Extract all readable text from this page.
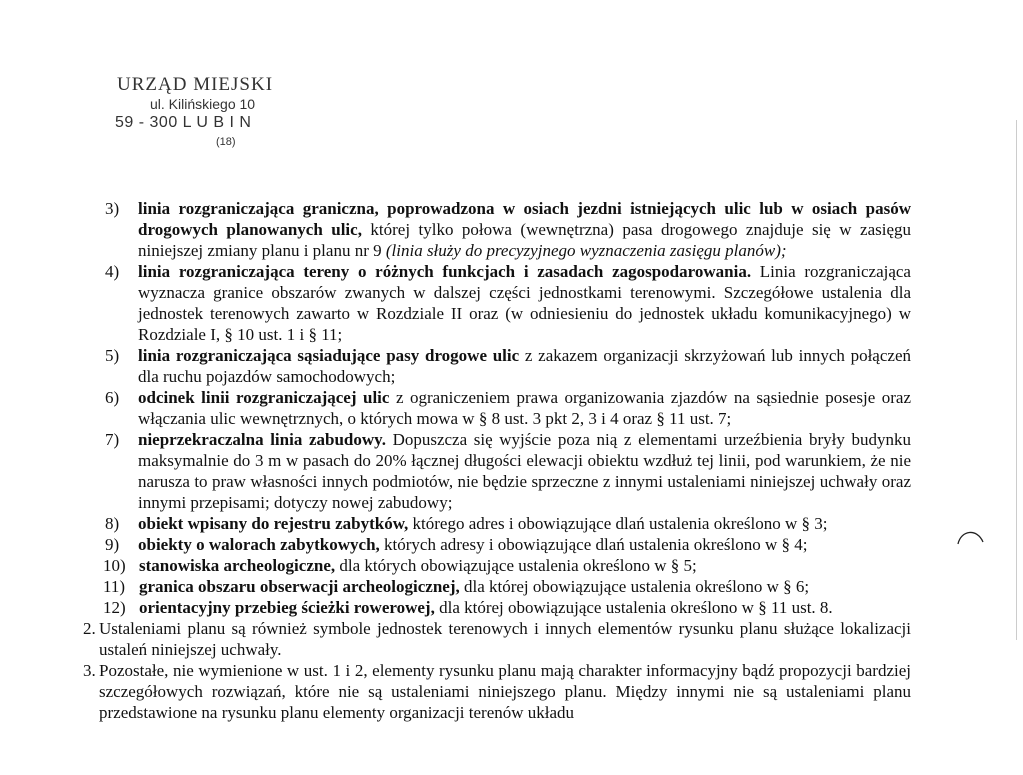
URZĄD MIEJSKI
ul. Kilińskiego 10
59 - 300 L U B I N
(18)
3) linia rozgraniczająca graniczna, poprowadzona w osiach jezdni istniejących ulic lub w osiach pasów drogowych planowanych ulic, której tylko połowa (wewnętrzna) pasa drogowego znajduje się w zasięgu niniejszej zmiany planu i planu nr 9 (linia służy do precyzyjnego wyznaczenia zasięgu planów);
4) linia rozgraniczająca tereny o różnych funkcjach i zasadach zagospodarowania. Linia rozgraniczająca wyznacza granice obszarów zwanych w dalszej części jednostkami terenowymi. Szczegółowe ustalenia dla jednostek terenowych zawarto w Rozdziale II oraz (w odniesieniu do jednostek układu komunikacyjnego) w Rozdziale I, § 10 ust. 1 i § 11;
5) linia rozgraniczająca sąsiadujące pasy drogowe ulic z zakazem organizacji skrzyżowań lub innych połączeń dla ruchu pojazdów samochodowych;
6) odcinek linii rozgraniczającej ulic z ograniczeniem prawa organizowania zjazdów na sąsiednie posesje oraz włączania ulic wewnętrznych, o których mowa w § 8 ust. 3 pkt 2, 3 i 4 oraz § 11 ust. 7;
7) nieprzekraczalna linia zabudowy. Dopuszcza się wyjście poza nią z elementami urzeźbienia bryły budynku maksymalnie do 3 m w pasach do 20% łącznej długości elewacji obiektu wzdłuż tej linii, pod warunkiem, że nie narusza to praw własności innych podmiotów, nie będzie sprzeczne z innymi ustaleniami niniejszej uchwały oraz innymi przepisami; dotyczy nowej zabudowy;
8) obiekt wpisany do rejestru zabytków, którego adres i obowiązujące dlań ustalenia określono w § 3;
9) obiekty o walorach zabytkowych, których adresy i obowiązujące dlań ustalenia określono w § 4;
10) stanowiska archeologiczne, dla których obowiązujące ustalenia określono w § 5;
11) granica obszaru obserwacji archeologicznej, dla której obowiązujące ustalenia określono w § 6;
12) orientacyjny przebieg ścieżki rowerowej, dla której obowiązujące ustalenia określono w § 11 ust. 8.
2. Ustaleniami planu są również symbole jednostek terenowych i innych elementów rysunku planu służące lokalizacji ustaleń niniejszej uchwały.
3. Pozostałe, nie wymienione w ust. 1 i 2, elementy rysunku planu mają charakter informacyjny bądź propozycji bardziej szczegółowych rozwiązań, które nie są ustaleniami niniejszego planu. Między innymi nie są ustaleniami planu przedstawione na rysunku planu elementy organizacji terenów układu
